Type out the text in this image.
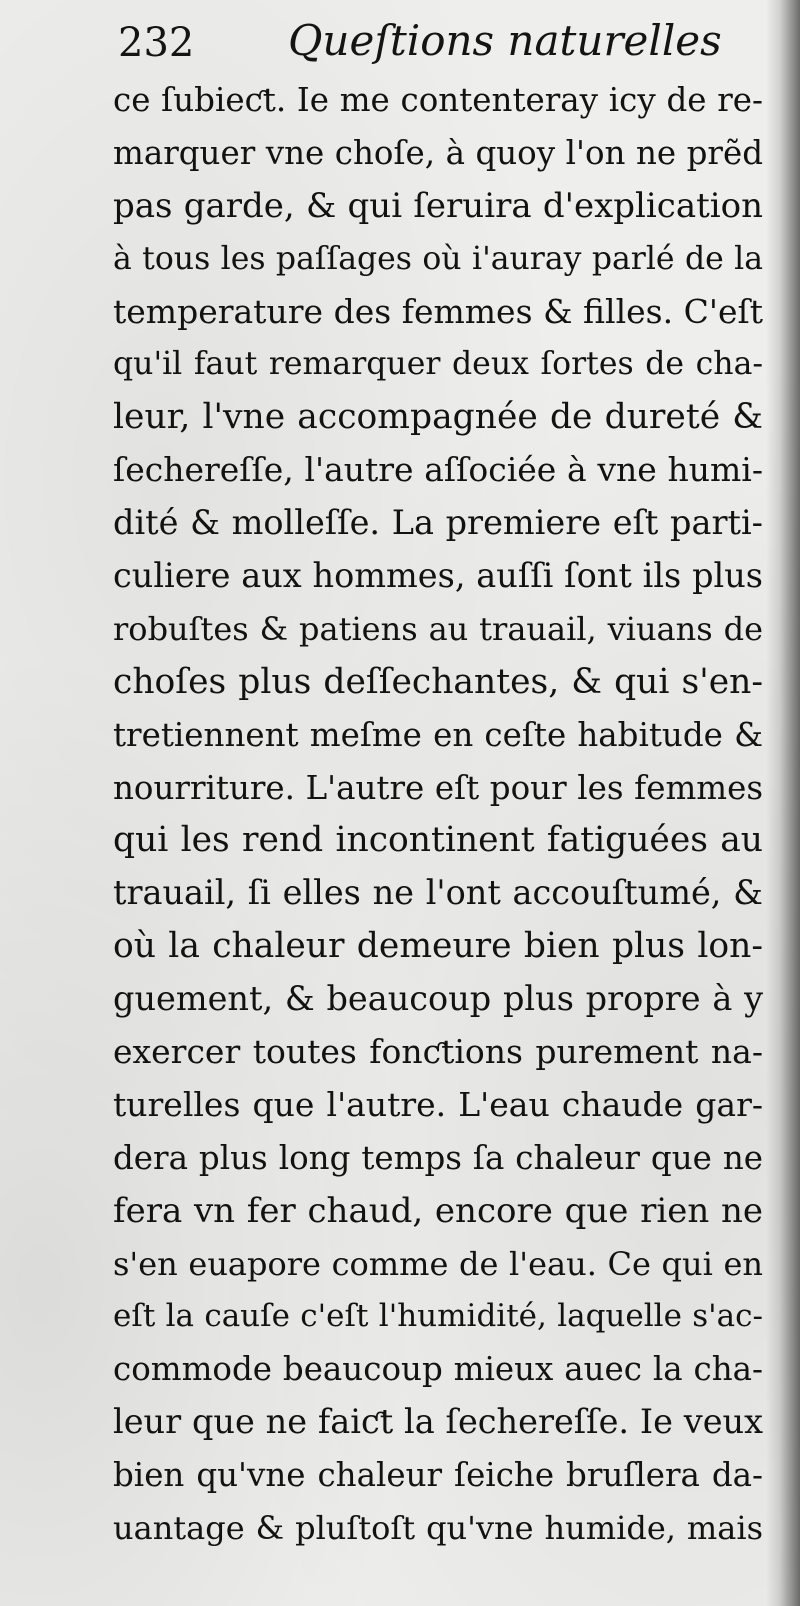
232 Queſtions naturelles
ce ſubieƈt. Ie me contenteray icy de re-
marquer vne choſe, à quoy l'on ne prẽd
pas garde, & qui ſeruira d'explication
à tous les paſſages où i'auray parlé de la
temperature des femmes & filles. C'eſt
qu'il faut remarquer deux ſortes de cha-
leur, l'vne accompagnée de dureté &
ſechereſſe, l'autre aſſociée à vne humi-
dité & molleſſe. La premiere eſt parti-
culiere aux hommes, auſſi ſont ils plus
robuſtes & patiens au trauail, viuans de
choſes plus deſſechantes, & qui s'en-
tretiennent meſme en ceſte habitude &
nourriture. L'autre eſt pour les femmes
qui les rend incontinent fatiguées au
trauail, ſi elles ne l'ont accouſtumé, &
où la chaleur demeure bien plus lon-
guement, & beaucoup plus propre à y
exercer toutes fonƈtions purement na-
turelles que l'autre. L'eau chaude gar-
dera plus long temps ſa chaleur que ne
fera vn fer chaud, encore que rien ne
s'en euapore comme de l'eau. Ce qui en
eſt la cauſe c'eſt l'humidité, laquelle s'ac-
commode beaucoup mieux auec la cha-
leur que ne faiƈt la ſechereſſe. Ie veux
bien qu'vne chaleur ſeiche bruſlera da-
uantage & pluſtoſt qu'vne humide, mais
